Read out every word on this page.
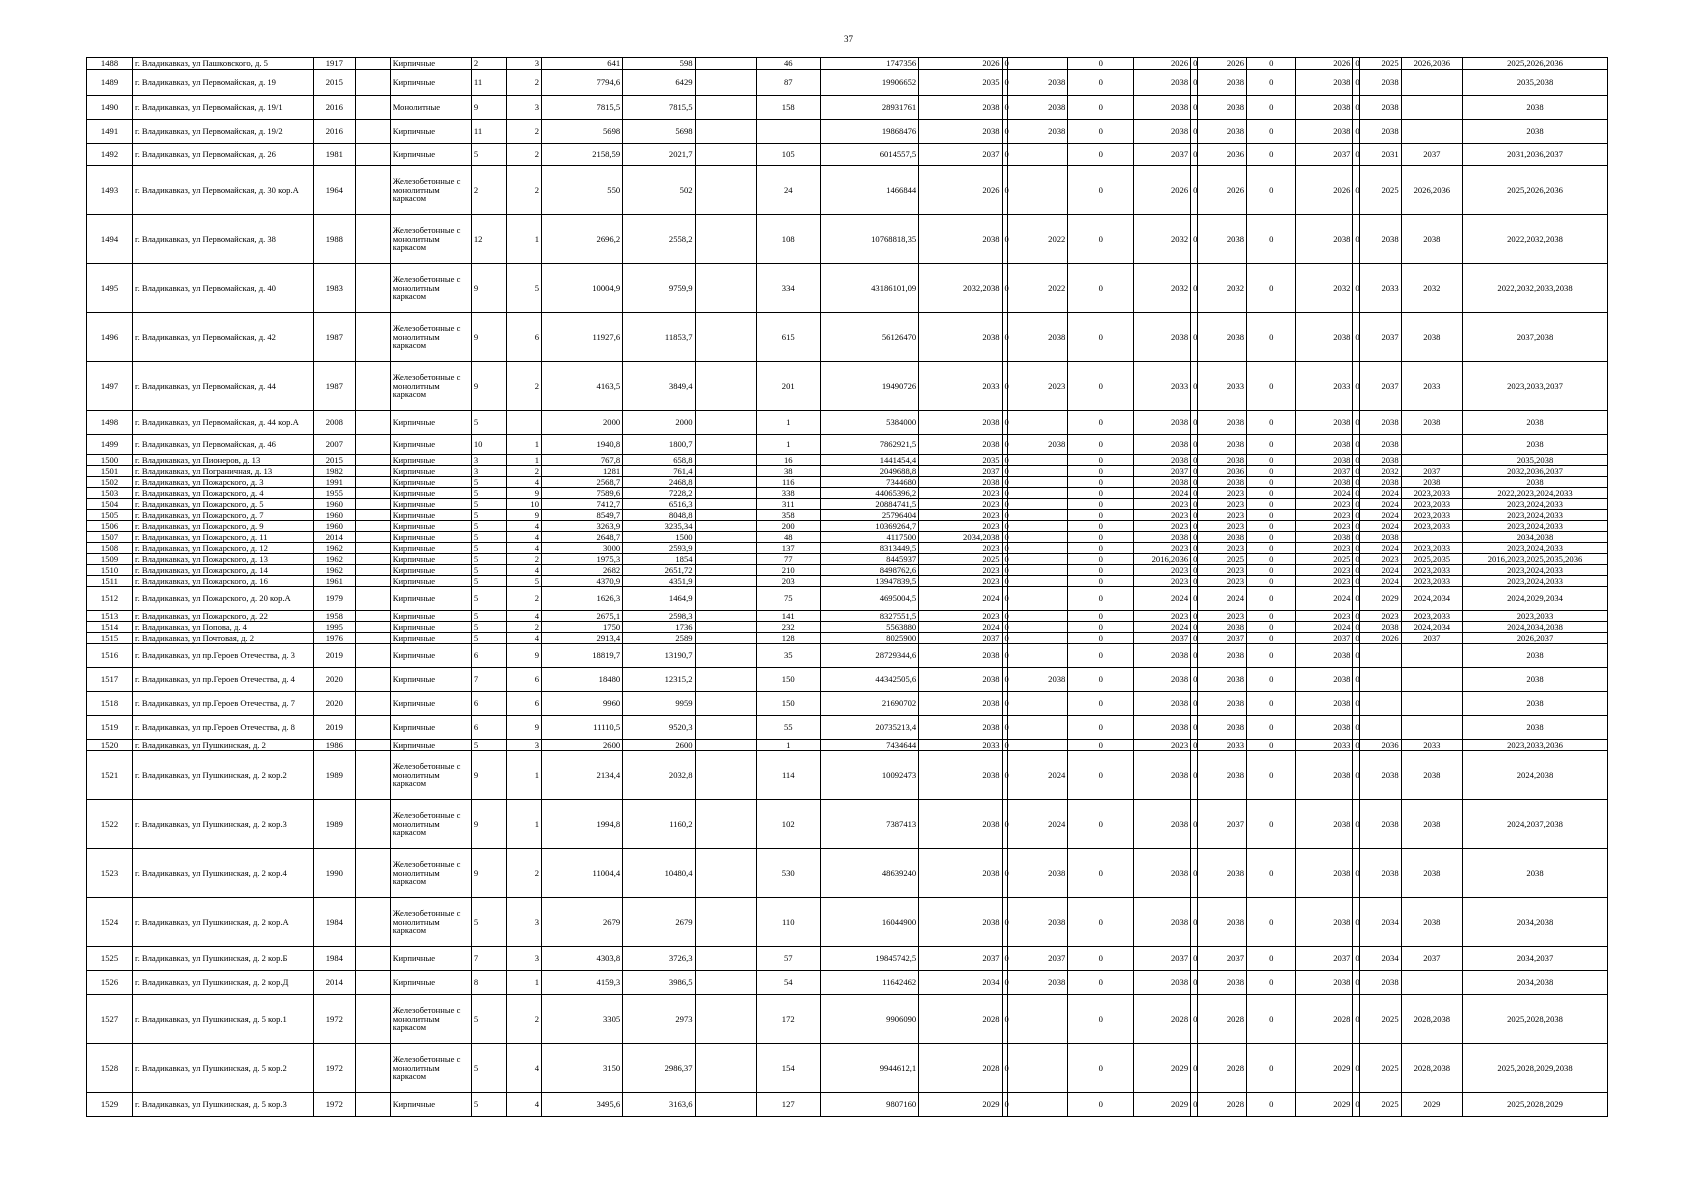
37
1488	г. Владикавказ, ул Пашковского, д. 5	1917		Кирпичные	2	3	641	598		46	1747356	2026	0		0	2026	0	2026	0	2026	0	2025	2026,2036	2025,2026,2036
1489	г. Владикавказ, ул Первомайская, д. 19	2015		Кирпичные	11	2	7794,6	6429		87	19906652	2035	0	2038	0	2038	0	2038	0	2038	0	2038		2035,2038
1490	г. Владикавказ, ул Первомайская, д. 19/1	2016		Монолитные	9	3	7815,5	7815,5		158	28931761	2038	0	2038	0	2038	0	2038	0	2038	0	2038		2038
1491	г. Владикавказ, ул Первомайская, д. 19/2	2016		Кирпичные	11	2	5698	5698			19868476	2038	0	2038	0	2038	0	2038	0	2038	0	2038		2038
1492	г. Владикавказ, ул Первомайская, д. 26	1981		Кирпичные	5	2	2158,59	2021,7		105	6014557,5	2037	0		0	2037	0	2036	0	2037	0	2031	2037	2031,2036,2037
1493	г. Владикавказ, ул Первомайская, д. 30 кор.А	1964		Железобетонные с монолитным каркасом	2	2	550	502		24	1466844	2026	0		0	2026	0	2026	0	2026	0	2025	2026,2036	2025,2026,2036
1494	г. Владикавказ, ул Первомайская, д. 38	1988		Железобетонные с монолитным каркасом	12	1	2696,2	2558,2		108	10768818,35	2038	0	2022	0	2032	0	2038	0	2038	0	2038	2038	2022,2032,2038
1495	г. Владикавказ, ул Первомайская, д. 40	1983		Железобетонные с монолитным каркасом	9	5	10004,9	9759,9		334	43186101,09	2032,2038	0	2022	0	2032	0	2032	0	2032	0	2033	2032	2022,2032,2033,2038
1496	г. Владикавказ, ул Первомайская, д. 42	1987		Железобетонные с монолитным каркасом	9	6	11927,6	11853,7		615	56126470	2038	0	2038	0	2038	0	2038	0	2038	0	2037	2038	2037,2038
1497	г. Владикавказ, ул Первомайская, д. 44	1987		Железобетонные с монолитным каркасом	9	2	4163,5	3849,4		201	19490726	2033	0	2023	0	2033	0	2033	0	2033	0	2037	2033	2023,2033,2037
1498	г. Владикавказ, ул Первомайская, д. 44 кор.А	2008		Кирпичные	5		2000	2000		1	5384000	2038	0		0	2038	0	2038	0	2038	0	2038	2038	2038
1499	г. Владикавказ, ул Первомайская, д. 46	2007		Кирпичные	10	1	1940,8	1800,7		1	7862921,5	2038	0	2038	0	2038	0	2038	0	2038	0	2038		2038
1500	г. Владикавказ, ул Пионеров, д. 13	2015		Кирпичные	3	1	767,8	658,8		16	1441454,4	2035	0		0	2038	0	2038	0	2038	0	2038		2035,2038
1501	г. Владикавказ, ул Пограничная, д. 13	1982		Кирпичные	3	2	1281	761,4		38	2049688,8	2037	0		0	2037	0	2036	0	2037	0	2032	2037	2032,2036,2037
1502	г. Владикавказ, ул Пожарского, д. 3	1991		Кирпичные	5	4	2568,7	2468,8		116	7344680	2038	0		0	2038	0	2038	0	2038	0	2038	2038	2038
1503	г. Владикавказ, ул Пожарского, д. 4	1955		Кирпичные	5	9	7589,6	7228,2		338	44065396,2	2023	0		0	2024	0	2023	0	2024	0	2024	2023,2033	2022,2023,2024,2033
1504	г. Владикавказ, ул Пожарского, д. 5	1960		Кирпичные	5	10	7412,7	6516,3		311	20884741,5	2023	0		0	2023	0	2023	0	2023	0	2024	2023,2033	2023,2024,2033
1505	г. Владикавказ, ул Пожарского, д. 7	1960		Кирпичные	5	9	8549,7	8048,8		358	25796404	2023	0		0	2023	0	2023	0	2023	0	2024	2023,2033	2023,2024,2033
1506	г. Владикавказ, ул Пожарского, д. 9	1960		Кирпичные	5	4	3263,9	3235,34		200	10369264,7	2023	0		0	2023	0	2023	0	2023	0	2024	2023,2033	2023,2024,2033
1507	г. Владикавказ, ул Пожарского, д. 11	2014		Кирпичные	5	4	2648,7	1500		48	4117500	2034,2038	0		0	2038	0	2038	0	2038	0	2038		2034,2038
1508	г. Владикавказ, ул Пожарского, д. 12	1962		Кирпичные	5	4	3000	2593,9		137	8313449,5	2023	0		0	2023	0	2023	0	2023	0	2024	2023,2033	2023,2024,2033
1509	г. Владикавказ, ул Пожарского, д. 13	1962		Кирпичные	5	2	1975,3	1854		77	8445937	2025	0		0	2016,2036	0	2025	0	2025	0	2023	2025,2035	2016,2023,2025,2035,2036
1510	г. Владикавказ, ул Пожарского, д. 14	1962		Кирпичные	5	4	2682	2651,72		210	8498762,6	2023	0		0	2023	0	2023	0	2023	0	2024	2023,2033	2023,2024,2033
1511	г. Владикавказ, ул Пожарского, д. 16	1961		Кирпичные	5	5	4370,9	4351,9		203	13947839,5	2023	0		0	2023	0	2023	0	2023	0	2024	2023,2033	2023,2024,2033
1512	г. Владикавказ, ул Пожарского, д. 20 кор.А	1979		Кирпичные	5	2	1626,3	1464,9		75	4695004,5	2024	0		0	2024	0	2024	0	2024	0	2029	2024,2034	2024,2029,2034
1513	г. Владикавказ, ул Пожарского, д. 22	1958		Кирпичные	5	4	2675,1	2598,3		141	8327551,5	2023	0		0	2023	0	2023	0	2023	0	2023	2023,2033	2023,2033
1514	г. Владикавказ, ул Попова, д. 4	1995		Кирпичные	5	2	1750	1736		232	5563880	2024	0		0	2024	0	2038	0	2024	0	2038	2024,2034	2024,2034,2038
1515	г. Владикавказ, ул Почтовая, д. 2	1976		Кирпичные	5	4	2913,4	2589		128	8025900	2037	0		0	2037	0	2037	0	2037	0	2026	2037	2026,2037
1516	г. Владикавказ, ул пр.Героев Отечества, д. 3	2019		Кирпичные	6	9	18819,7	13190,7		35	28729344,6	2038	0		0	2038	0	2038	0	2038	0			2038
1517	г. Владикавказ, ул пр.Героев Отечества, д. 4	2020		Кирпичные	7	6	18480	12315,2		150	44342505,6	2038	0	2038	0	2038	0	2038	0	2038	0			2038
1518	г. Владикавказ, ул пр.Героев Отечества, д. 7	2020		Кирпичные	6	6	9960	9959		150	21690702	2038	0		0	2038	0	2038	0	2038	0			2038
1519	г. Владикавказ, ул пр.Героев Отечества, д. 8	2019		Кирпичные	6	9	11110,5	9520,3		55	20735213,4	2038	0		0	2038	0	2038	0	2038	0			2038
1520	г. Владикавказ, ул Пушкинская, д. 2	1986		Кирпичные	5	3	2600	2600		1	7434644	2033	0		0	2023	0	2033	0	2033	0	2036	2033	2023,2033,2036
1521	г. Владикавказ, ул Пушкинская, д. 2 кор.2	1989		Железобетонные с монолитным каркасом	9	1	2134,4	2032,8		114	10092473	2038	0	2024	0	2038	0	2038	0	2038	0	2038	2038	2024,2038
1522	г. Владикавказ, ул Пушкинская, д. 2 кор.3	1989		Железобетонные с монолитным каркасом	9	1	1994,8	1160,2		102	7387413	2038	0	2024	0	2038	0	2037	0	2038	0	2038	2038	2024,2037,2038
1523	г. Владикавказ, ул Пушкинская, д. 2 кор.4	1990		Железобетонные с монолитным каркасом	9	2	11004,4	10480,4		530	48639240	2038	0	2038	0	2038	0	2038	0	2038	0	2038	2038	2038
1524	г. Владикавказ, ул Пушкинская, д. 2 кор.А	1984		Железобетонные с монолитным каркасом	5	3	2679	2679		110	16044900	2038	0	2038	0	2038	0	2038	0	2038	0	2034	2038	2034,2038
1525	г. Владикавказ, ул Пушкинская, д. 2 кор.Б	1984		Кирпичные	7	3	4303,8	3726,3		57	19845742,5	2037	0	2037	0	2037	0	2037	0	2037	0	2034	2037	2034,2037
1526	г. Владикавказ, ул Пушкинская, д. 2 кор.Д	2014		Кирпичные	8	1	4159,3	3986,5		54	11642462	2034	0	2038	0	2038	0	2038	0	2038	0	2038		2034,2038
1527	г. Владикавказ, ул Пушкинская, д. 5 кор.1	1972		Железобетонные с монолитным каркасом	5	2	3305	2973		172	9906090	2028	0		0	2028	0	2028	0	2028	0	2025	2028,2038	2025,2028,2038
1528	г. Владикавказ, ул Пушкинская, д. 5 кор.2	1972		Железобетонные с монолитным каркасом	5	4	3150	2986,37		154	9944612,1	2028	0		0	2029	0	2028	0	2029	0	2025	2028,2038	2025,2028,2029,2038
1529	г. Владикавказ, ул Пушкинская, д. 5 кор.3	1972		Кирпичные	5	4	3495,6	3163,6		127	9807160	2029	0		0	2029	0	2028	0	2029	0	2025	2029	2025,2028,2029
